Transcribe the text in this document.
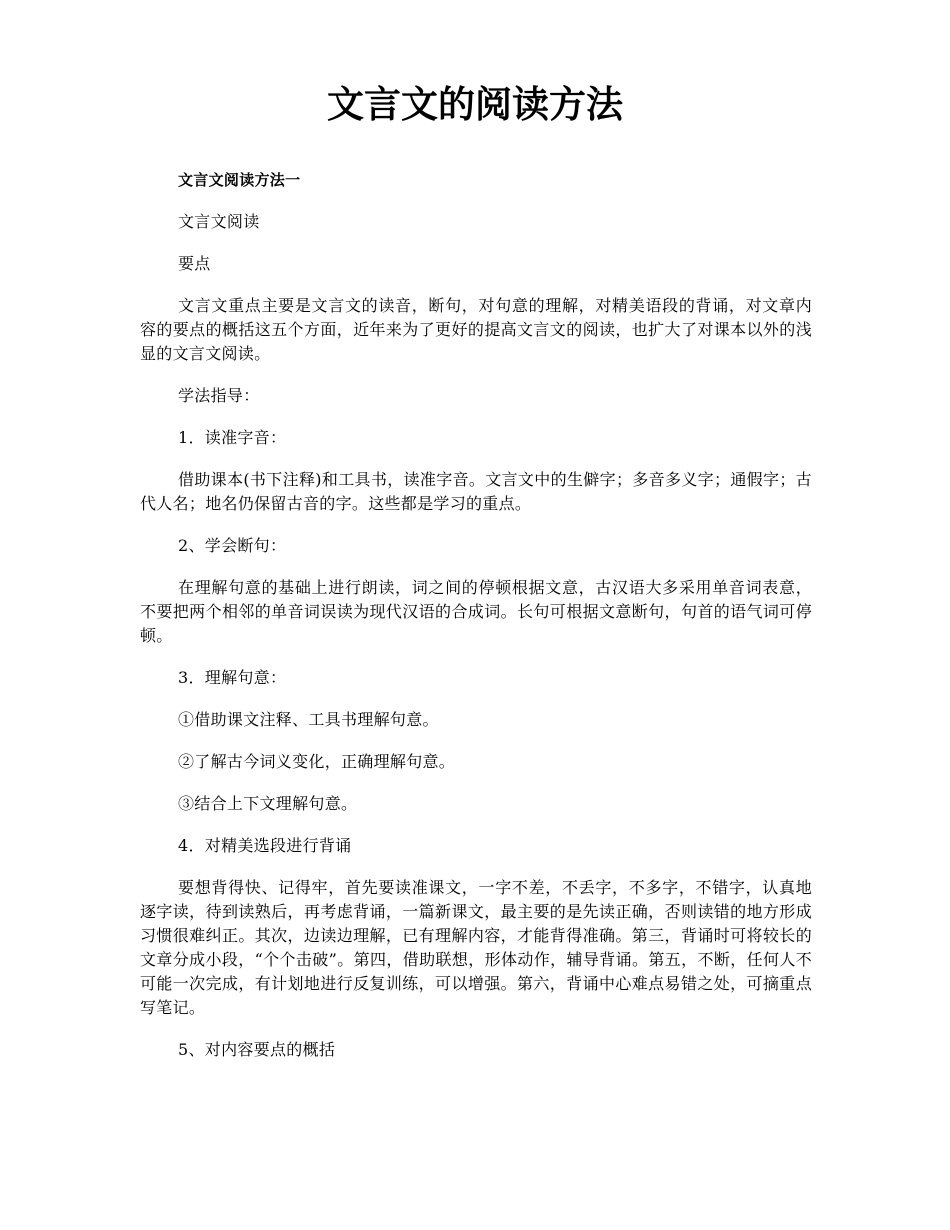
文言文的阅读方法

文言文阅读方法一

文言文阅读

要点

文言文重点主要是文言文的读音，断句，对句意的理解，对精美语段的背诵，对文章内容的要点的概括这五个方面，近年来为了更好的提高文言文的阅读，也扩大了对课本以外的浅显的文言文阅读。

学法指导：

1．读准字音：

借助课本(书下注释)和工具书，读准字音。文言文中的生僻字；多音多义字；通假字；古代人名；地名仍保留古音的字。这些都是学习的重点。

2、学会断句：

在理解句意的基础上进行朗读，词之间的停顿根据文意，古汉语大多采用单音词表意，不要把两个相邻的单音词误读为现代汉语的合成词。长句可根据文意断句，句首的语气词可停顿。

3．理解句意：

①借助课文注释、工具书理解句意。

②了解古今词义变化，正确理解句意。

③结合上下文理解句意。

4．对精美选段进行背诵

要想背得快、记得牢，首先要读准课文，一字不差，不丢字，不多字，不错字，认真地逐字读，待到读熟后，再考虑背诵，一篇新课文，最主要的是先读正确，否则读错的地方形成习惯很难纠正。其次，边读边理解，已有理解内容，才能背得准确。第三，背诵时可将较长的文章分成小段，“个个击破”。第四，借助联想，形体动作，辅导背诵。第五，不断，任何人不可能一次完成，有计划地进行反复训练，可以增强。第六，背诵中心难点易错之处，可摘重点写笔记。

5、对内容要点的概括
